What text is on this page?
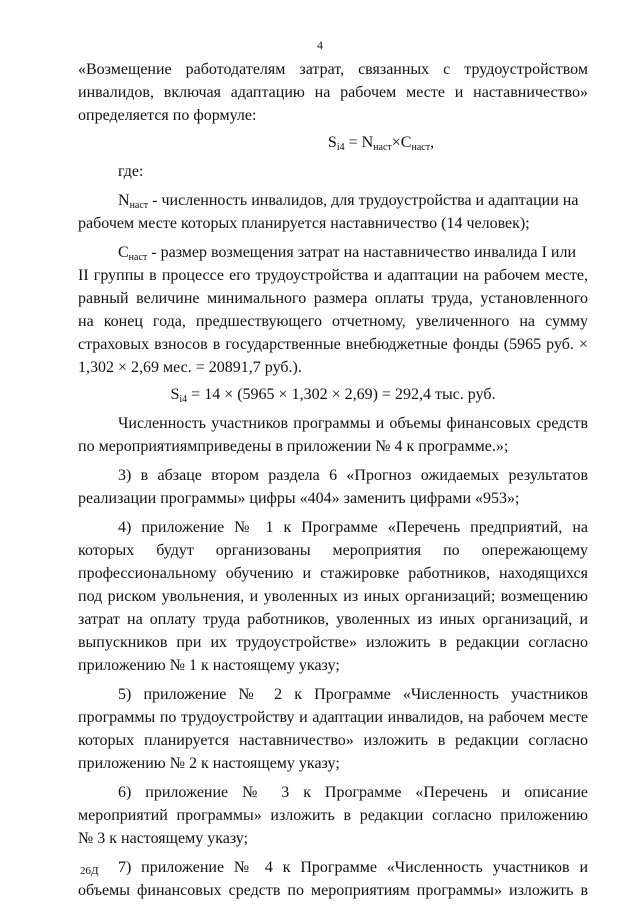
4
«Возмещение работодателям затрат, связанных с трудоустройством
инвалидов, включая адаптацию на рабочем месте и наставничество»
определяется по формуле:
$S_{i4} = N_{наст}\times C_{наст}$,
где:
$N_{наст}$ - численность инвалидов, для трудоустройства и адаптации на
рабочем месте которых планируется наставничество (14 человек);
$С_{наст}$ - размер возмещения затрат на наставничество инвалида I или
II группы в процессе его трудоустройства и адаптации на рабочем месте,
равный величине минимального размера оплаты труда, установленного
на конец года, предшествующего отчетному, увеличенного на сумму
страховых взносов в государственные внебюджетные фонды (5965 руб. ×
1,302 × 2,69 мес. = 20891,7 руб.).
$S_{i4} = 14 \times (5965 \times 1,302 \times 2,69) = 292,4$ тыс. руб.
Численность участников программы и объемы финансовых средств
по мероприятиямприведены в приложении № 4 к программе.»;
3) в абзаце втором раздела 6 «Прогноз ожидаемых результатов
реализации программы» цифры «404» заменить цифрами «953»;
4) приложение № 1 к Программе «Перечень предприятий, на
которых будут организованы мероприятия по опережающему
профессиональному обучению и стажировке работников, находящихся
под риском увольнения, и уволенных из иных организаций; возмещению
затрат на оплату труда работников, уволенных из иных организаций, и
выпускников при их трудоустройстве» изложить в редакции согласно
приложению № 1 к настоящему указу;
5) приложение № 2 к Программе «Численность участников
программы по трудоустройству и адаптации инвалидов, на рабочем месте
которых планируется наставничество» изложить в редакции согласно
приложению № 2 к настоящему указу;
6) приложение № 3 к Программе «Перечень и описание
мероприятий программы» изложить в редакции согласно приложению
№ 3 к настоящему указу;
7) приложение № 4 к Программе «Численность участников и
объемы финансовых средств по мероприятиям программы» изложить в
26Д
